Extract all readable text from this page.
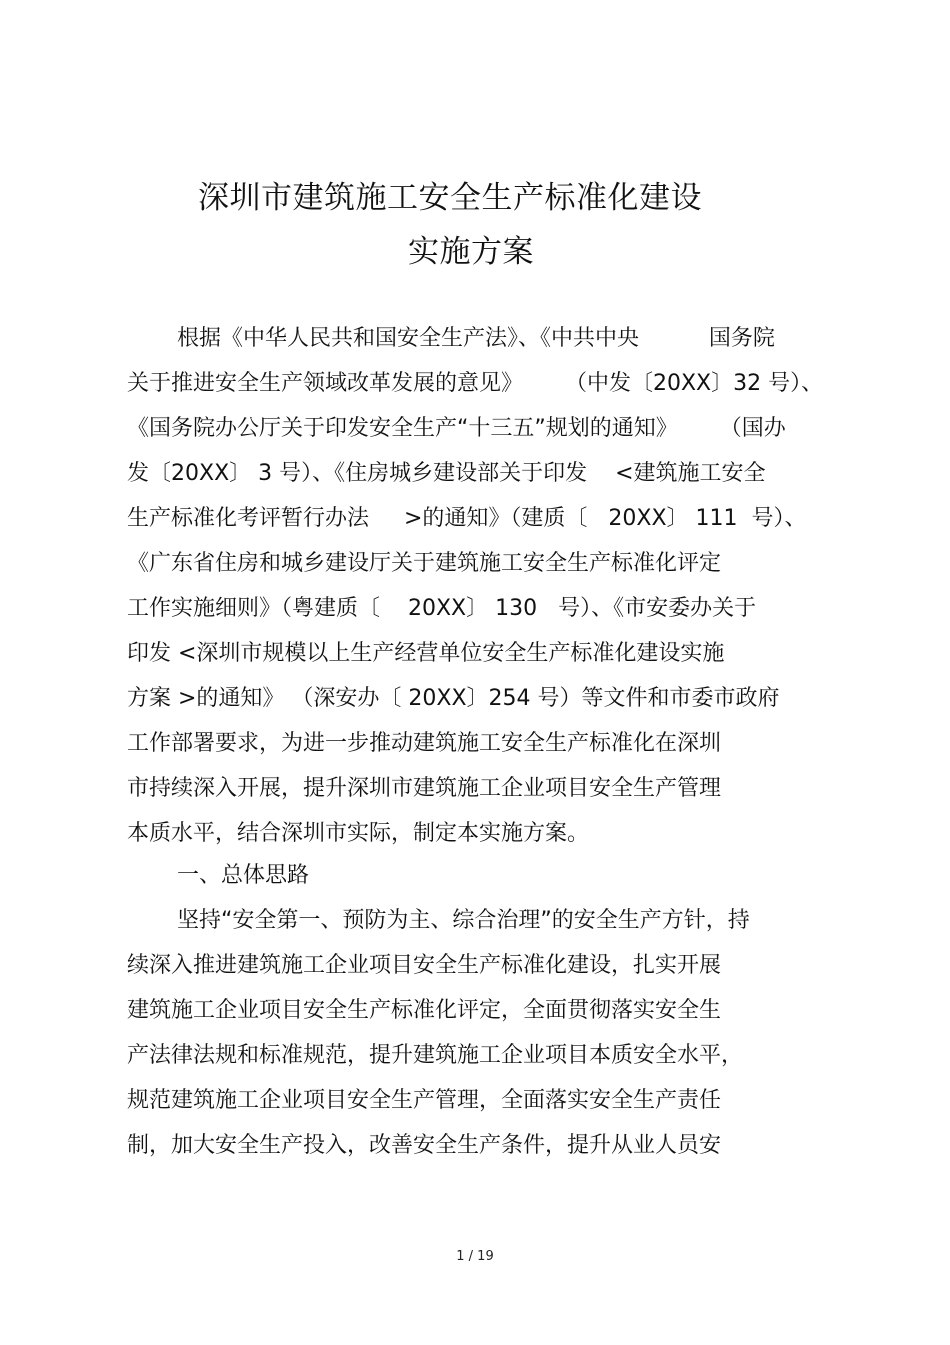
深圳市建筑施工安全生产标准化建设
实施方案
根据《中华人民共和国安全生产法》、《中共中央          国务院
关于推进安全生产领域改革发展的意见》      （中发〔20XX〕32 号）、
《国务院办公厅关于印发安全生产“十三五”规划的通知》      （国办
发〔20XX〕 3 号）、《住房城乡建设部关于印发    <建筑施工安全
生产标准化考评暂行办法     >的通知》（建质〔   20XX〕 111  号）、
《广东省住房和城乡建设厅关于建筑施工安全生产标准化评定
工作实施细则》（粤建质〔    20XX〕 130   号）、《市安委办关于
印发 <深圳市规模以上生产经营单位安全生产标准化建设实施
方案 >的通知》 （深安办〔 20XX〕254 号）等文件和市委市政府
工作部署要求，为进一步推动建筑施工安全生产标准化在深圳
市持续深入开展，提升深圳市建筑施工企业项目安全生产管理
本质水平，结合深圳市实际，制定本实施方案。
一、总体思路
坚持“安全第一、预防为主、综合治理”的安全生产方针，持
续深入推进建筑施工企业项目安全生产标准化建设，扎实开展
建筑施工企业项目安全生产标准化评定，全面贯彻落实安全生
产法律法规和标准规范，提升建筑施工企业项目本质安全水平，
规范建筑施工企业项目安全生产管理，全面落实安全生产责任
制，加大安全生产投入，改善安全生产条件，提升从业人员安
1 / 19
